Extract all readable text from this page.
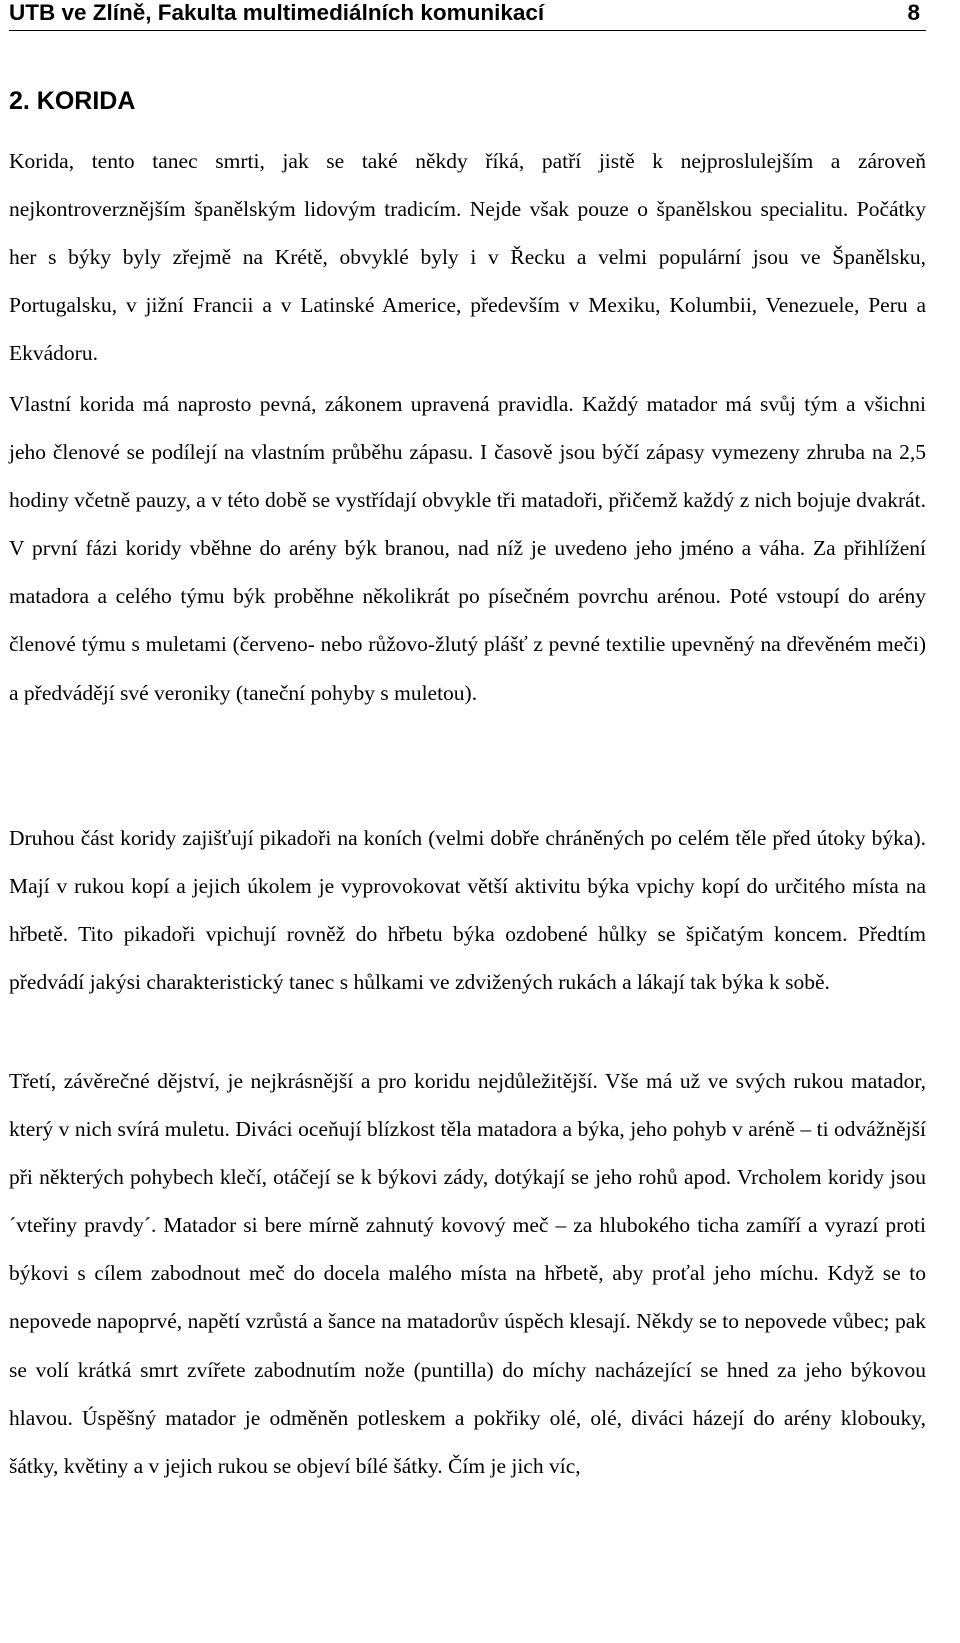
UTB ve Zlíně, Fakulta multimediálních komunikací	8
2. KORIDA

Korida, tento tanec smrti, jak se také někdy říká, patří jistě k nejproslulejším a zároveň nejkontroverznějším španělským lidovým tradicím. Nejde však pouze o španělskou specialitu. Počátky her s býky byly zřejmě na Krétě, obvyklé byly i v Řecku a velmi populární jsou ve Španělsku, Portugalsku, v jižní Francii a v Latinské Americe, především v Mexiku, Kolumbii, Venezuele, Peru a Ekvádoru.

Vlastní korida má naprosto pevná, zákonem upravená pravidla. Každý matador má svůj tým a všichni jeho členové se podílejí na vlastním průběhu zápasu. I časově jsou býčí zápasy vymezeny zhruba na 2,5 hodiny včetně pauzy, a v této době se vystřídají obvykle tři matadoři, přičemž každý z nich bojuje dvakrát. V první fázi koridy vběhne do arény býk branou, nad níž je uvedeno jeho jméno a váha. Za přihlížení matadora a celého týmu býk proběhne několikrát po písečném povrchu arénou. Poté vstoupí do arény členové týmu s muletami (červeno- nebo růžovo-žlutý plášť z pevné textilie upevněný na dřevěném meči) a předvádějí své veroniky (taneční pohyby s muletou).

Druhou část koridy zajišťují pikadoři na koních (velmi dobře chráněných po celém těle před útoky býka). Mají v rukou kopí a jejich úkolem je vyprovokovat větší aktivitu býka vpichy kopí do určitého místa na hřbetě. Tito pikadoři vpichují rovněž do hřbetu býka ozdobené hůlky se špičatým koncem. Předtím předvádí jakýsi charakteristický tanec s hůlkami ve zdvižených rukách a lákají tak býka k sobě.

Třetí, závěrečné dějství, je nejkrásnější a pro koridu nejdůležitější. Vše má už ve svých rukou matador, který v nich svírá muletu. Diváci oceňují blízkost těla matadora a býka, jeho pohyb v aréně – ti odvážnější při některých pohybech klečí, otáčejí se k býkovi zády, dotýkají se jeho rohů apod. Vrcholem koridy jsou ´vteřiny pravdy´. Matador si bere mírně zahnutý kovový meč – za hlubokého ticha zamíří a vyrazí proti býkovi s cílem zabodnout meč do docela malého místa na hřbetě, aby proťal jeho míchu. Když se to nepovede napoprvé, napětí vzrůstá a šance na matadorův úspěch klesají. Někdy se to nepovede vůbec; pak se volí krátká smrt zvířete zabodnutím nože (puntilla) do míchy nacházející se hned za jeho býkovou hlavou. Úspěšný matador je odměněn potleskem a pokřiky olé, olé, diváci házejí do arény klobouky, šátky, květiny a v jejich rukou se objeví bílé šátky. Čím je jich víc,
